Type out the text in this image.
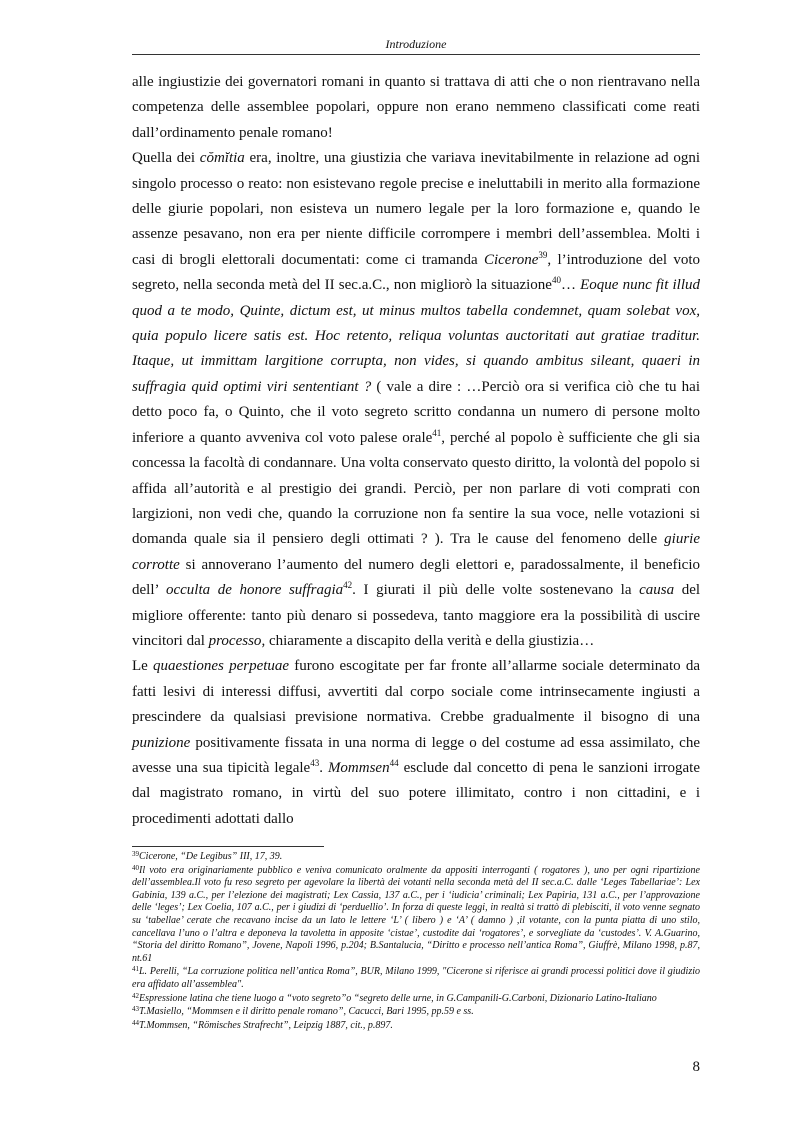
Introduzione

alle ingiustizie dei governatori romani in quanto si trattava di atti che o non rientravano nella competenza delle assemblee popolari, oppure non erano nemmeno classificati come reati dall’ordinamento penale romano!

Quella dei cŏmĭtia era, inoltre, una giustizia che variava inevitabilmente in relazione ad ogni singolo processo o reato: non esistevano regole precise e ineluttabili in merito alla formazione delle giurie popolari, non esisteva un numero legale per la loro formazione e, quando le assenze pesavano, non era per niente difficile corrompere i membri dell’assemblea. Molti i casi di brogli elettorali documentati: come ci tramanda Cicerone$^{39}$, l’introduzione del voto segreto, nella seconda metà del II sec.a.C., non migliorò la situazione$^{40}$… Eoque nunc fit illud quod a te modo, Quinte, dictum est, ut minus multos tabella condemnet, quam solebat vox, quia populo licere satis est. Hoc retento, reliqua voluntas auctoritati aut gratiae traditur. Itaque, ut immittam largitione corrupta, non vides, si quando ambitus sileant, quaeri in suffragia quid optimi viri sententiant ? ( vale a dire : …Perciò ora si verifica ciò che tu hai detto poco fa, o Quinto, che il voto segreto scritto condanna un numero di persone molto inferiore a quanto avveniva col voto palese orale$^{41}$, perché al popolo è sufficiente che gli sia concessa la facoltà di condannare. Una volta conservato questo diritto, la volontà del popolo si affida all’autorità e al prestigio dei grandi. Perciò, per non parlare di voti comprati con largizioni, non vedi che, quando la corruzione non fa sentire la sua voce, nelle votazioni si domanda quale sia il pensiero degli ottimati ? ). Tra le cause del fenomeno delle giurie corrotte si annoverano l’aumento del numero degli elettori e, paradossalmente, il beneficio dell’ occulta de honore suffragia$^{42}$. I giurati il più delle volte sostenevano la causa del migliore offerente: tanto più denaro si possedeva, tanto maggiore era la possibilità di uscire vincitori dal processo, chiaramente a discapito della verità e della giustizia…

Le quaestiones perpetuae furono escogitate per far fronte all’allarme sociale determinato da fatti lesivi di interessi diffusi, avvertiti dal corpo sociale come intrinsecamente ingiusti a prescindere da qualsiasi previsione normativa. Crebbe gradualmente il bisogno di una punizione positivamente fissata in una norma di legge o del costume ad essa assimilato, che avesse una sua tipicità legale$^{43}$. Mommsen$^{44}$ esclude dal concetto di pena le sanzioni irrogate dal magistrato romano, in virtù del suo potere illimitato, contro i non cittadini, e i procedimenti adottati dallo

$^{39}$Cicerone, “De Legibus” III, 17, 39.

$^{40}$Il voto era originariamente pubblico e veniva comunicato oralmente da appositi interroganti ( rogatores ), uno per ogni ripartizione dell’assemblea.Il voto fu reso segreto per agevolare la libertà dei votanti nella seconda metà del II sec.a.C. dalle ‘Leges Tabellariae’: Lex Gabinia, 139 a.C., per l’elezione dei magistrati; Lex Cassia, 137 a.C., per i ‘iudicia’ criminali; Lex Papiria, 131 a.C., per l’approvazione delle ‘leges’; Lex Coelia, 107 a.C., per i giudizi di ‘perduellio’. In forza di queste leggi, in realtà si trattò di plebisciti, il voto venne segnato su ‘tabellae’ cerate che recavano incise da un lato le lettere ‘L’ ( libero ) e ‘A’ ( damno ) ,il votante, con la punta piatta di uno stilo, cancellava l’uno o l’altra e deponeva la tavoletta in apposite ‘cistae’, custodite dai ‘rogatores’, e sorvegliate da ‘custodes’. V. A.Guarino, “Storia del diritto Romano”, Jovene, Napoli 1996, p.204; B.Santalucia, “Diritto e processo nell’antica Roma”, Giuffrè, Milano 1998, p.87, nt.61

$^{41}$L. Perelli, “La corruzione politica nell’antica Roma”, BUR, Milano 1999, "Cicerone si riferisce ai grandi processi politici dove il giudizio era affidato all’assemblea".

$^{42}$Espressione latina che tiene luogo a “voto segreto”o “segreto delle urne, in G.Campanili-G.Carboni, Dizionario Latino-Italiano

$^{43}$T.Masiello, “Mommsen e il diritto penale romano”, Cacucci, Bari 1995, pp.59 e ss.

$^{44}$T.Mommsen, “Römisches Strafrecht”, Leipzig 1887, cit., p.897.

8
